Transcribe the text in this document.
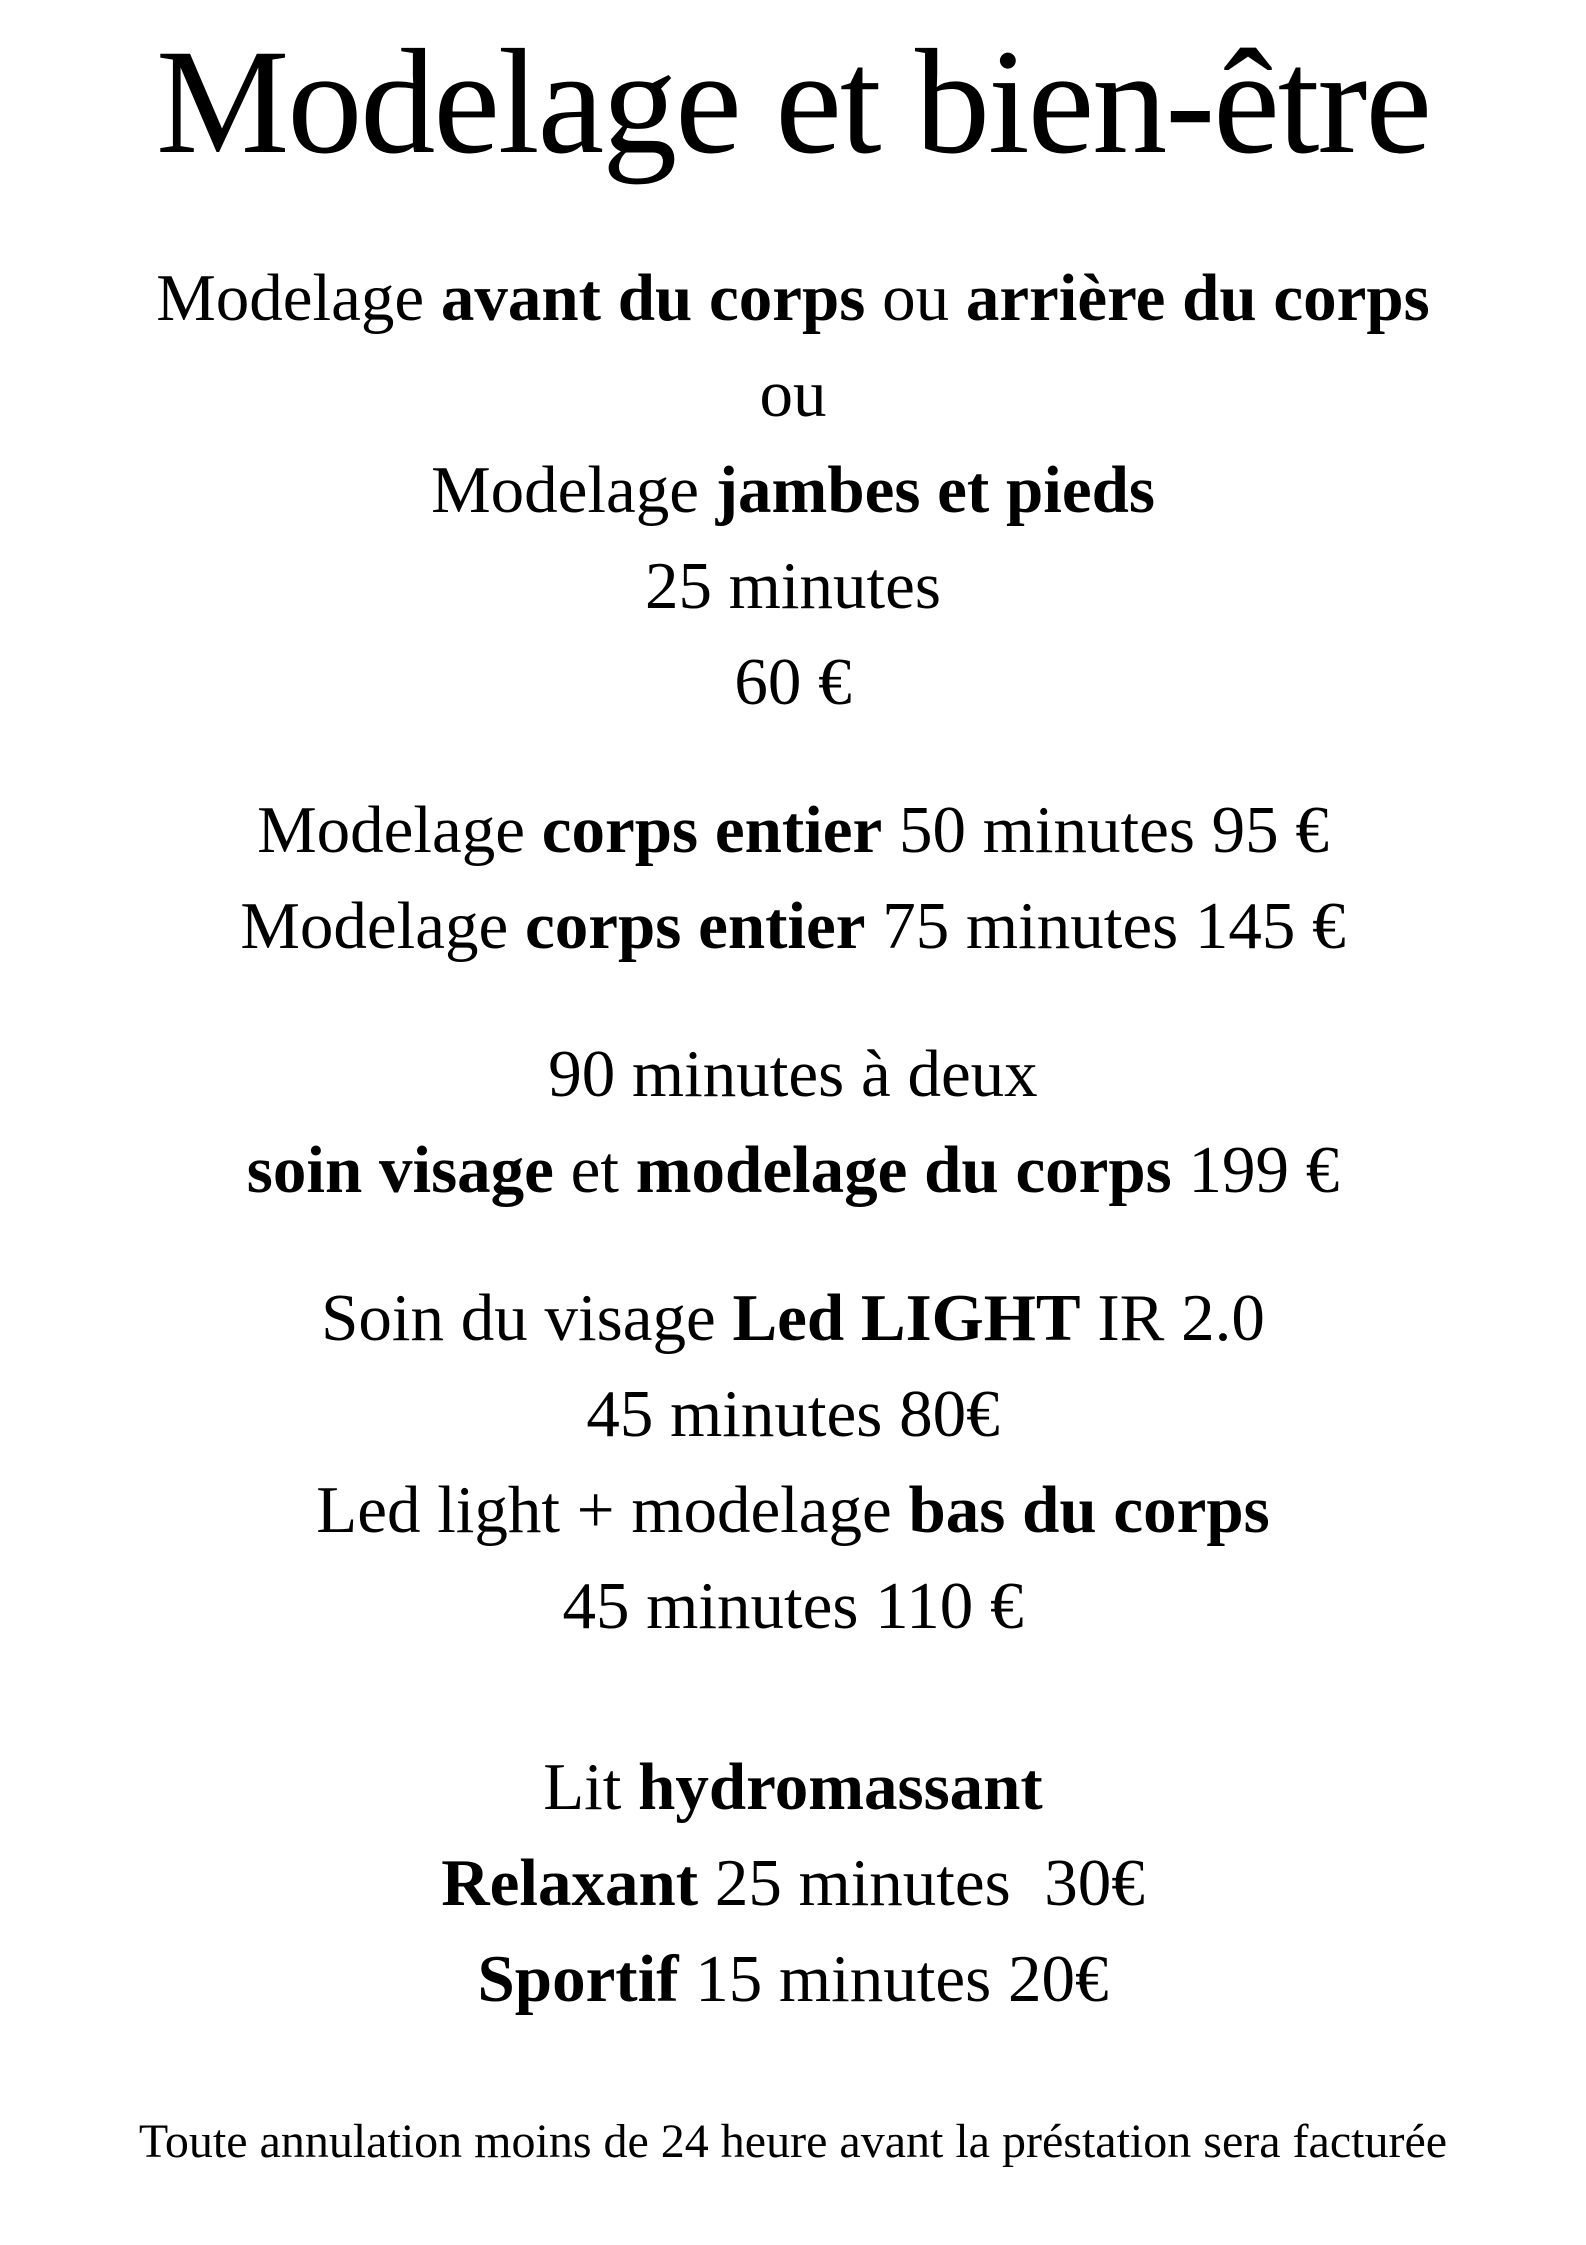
Modelage et bien-être

Modelage avant du corps ou arrière du corps

ou

Modelage jambes et pieds

25 minutes

60 €

Modelage corps entier 50 minutes 95 €

Modelage corps entier 75 minutes 145 €

90 minutes à deux

soin visage et modelage du corps 199 €

Soin du visage Led LIGHT IR 2.0

45 minutes 80€

Led light + modelage bas du corps

45 minutes 110 €

Lit hydromassant

Relaxant 25 minutes  30€

Sportif 15 minutes 20€

Toute annulation moins de 24 heure avant la préstation sera facturée
